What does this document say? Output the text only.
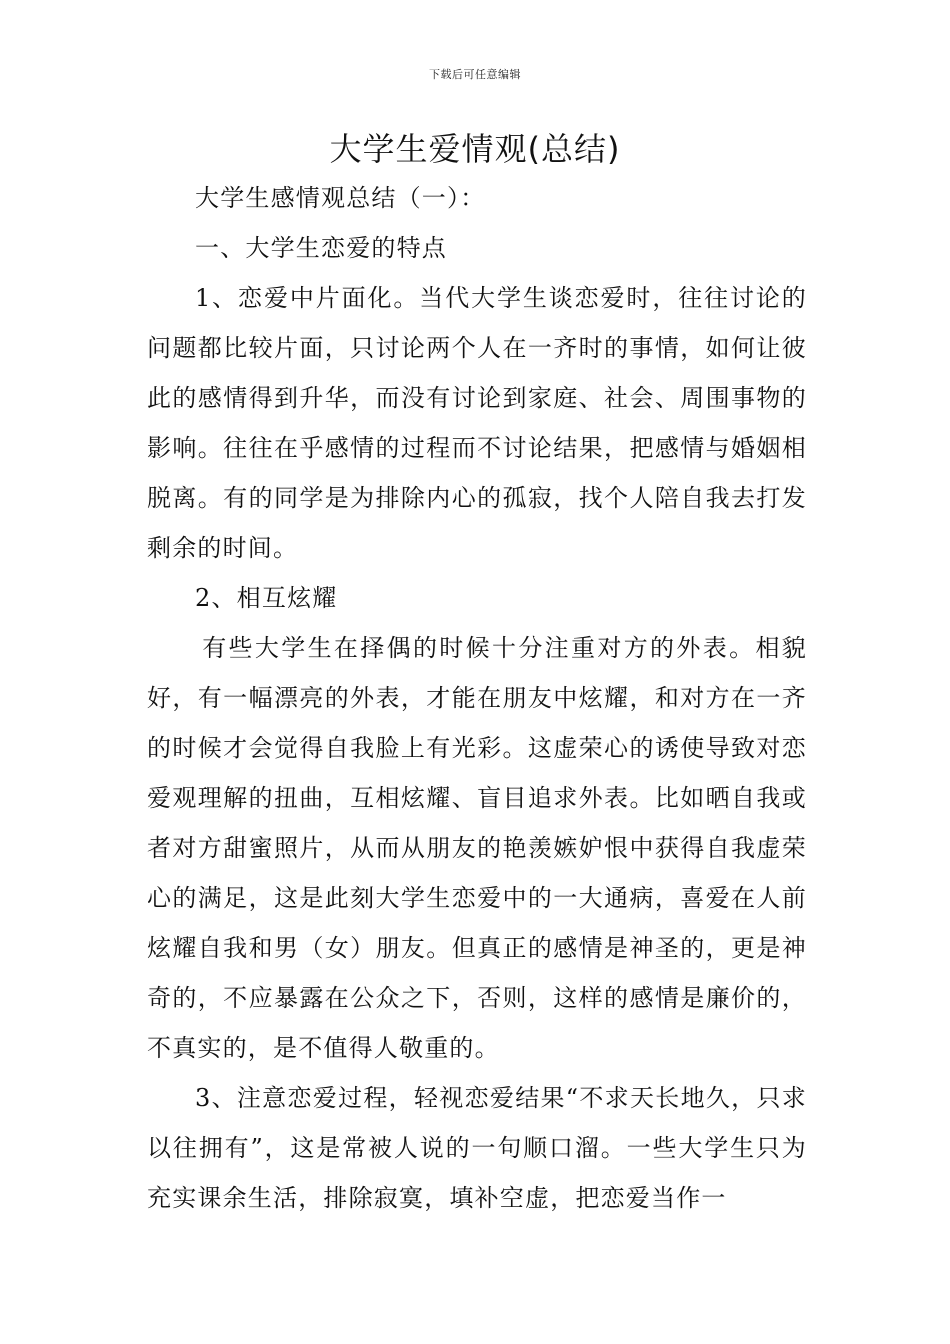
下载后可任意编辑
大学生爱情观(总结)

大学生感情观总结（一）：

一、大学生恋爱的特点

1、恋爱中片面化。当代大学生谈恋爱时，往往讨论的问题都比较片面，只讨论两个人在一齐时的事情，如何让彼此的感情得到升华，而没有讨论到家庭、社会、周围事物的影响。往往在乎感情的过程而不讨论结果，把感情与婚姻相脱离。有的同学是为排除内心的孤寂，找个人陪自我去打发剩余的时间。

2、相互炫耀

有些大学生在择偶的时候十分注重对方的外表。相貌好，有一幅漂亮的外表，才能在朋友中炫耀，和对方在一齐的时候才会觉得自我脸上有光彩。这虚荣心的诱使导致对恋爱观理解的扭曲，互相炫耀、盲目追求外表。比如晒自我或者对方甜蜜照片，从而从朋友的艳羡嫉妒恨中获得自我虚荣心的满足，这是此刻大学生恋爱中的一大通病，喜爱在人前炫耀自我和男（女）朋友。但真正的感情是神圣的，更是神奇的，不应暴露在公众之下，否则，这样的感情是廉价的，不真实的，是不值得人敬重的。

3、注意恋爱过程，轻视恋爱结果“不求天长地久，只求以往拥有”，这是常被人说的一句顺口溜。一些大学生只为充实课余生活，排除寂寞，填补空虚，把恋爱当作一
